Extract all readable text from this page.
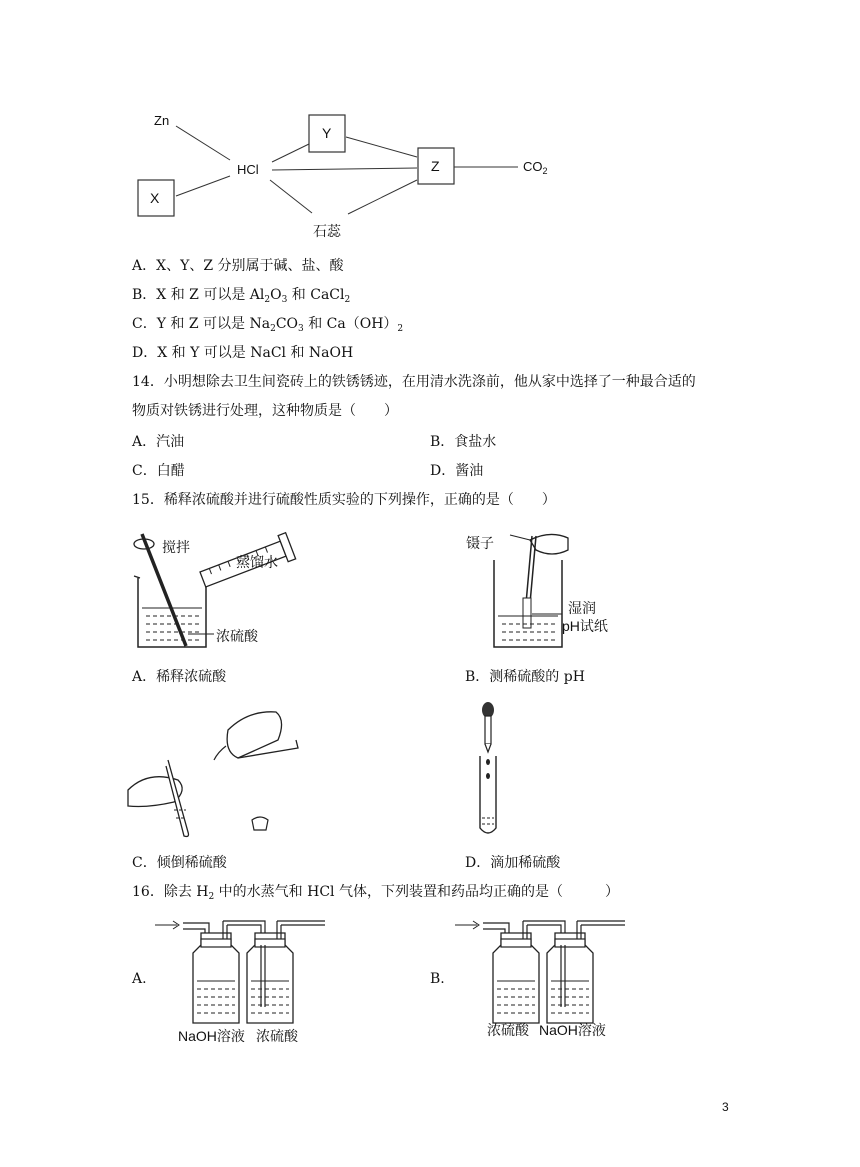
Zn
X
Y
HCl	Z	$CO_2$
石蕊
A．X、Y、Z 分别属于碱、盐、酸
B．X 和 Z 可以是 $Al_2O_3$ 和 CaCl$_2$
C．Y 和 Z 可以是 $Na_2CO_3$ 和 $Ca(OH)_2$
D．X 和 Y 可以是 NaCl 和 NaOH
14．小明想除去卫生间瓷砖上的铁锈锈迹，在用清水洗涤前，他从家中选择了一种最合适的
物质对铁锈进行处理，这种物质是（　　）
A．汽油	B．食盐水
C．白醋	D．酱油
15．稀释浓硫酸并进行硫酸性质实验的下列操作，正确的是（　　）
搅拌
蒸馏水
浓硫酸
镊子
湿润
pH试纸
A．稀释浓硫酸	B．测稀硫酸的 pH
C．倾倒稀硫酸	D．滴加稀硫酸
16．除去 $H_2$ 中的水蒸气和 HCl 气体，下列装置和药品均正确的是（　　　）
A.	B.
NaOH溶液 浓硫酸	浓硫酸 NaOH溶液
3
